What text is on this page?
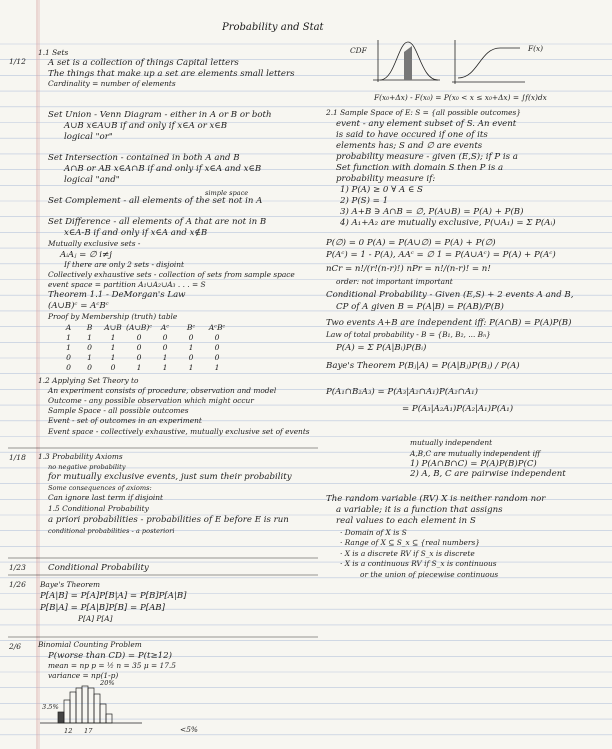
Probability and Stat
1/12
1/18
1/23
1/26
2/6
1.1 Sets
A set is a collection of things Capital letters
The things that make up a set are elements small letters
Cardinality = number of elements
Set Union - Venn Diagram - either in A or B or both
A∪B x∈A∪B if and only if x∈A or x∈B
logical "or"
Set Intersection - contained in both A and B
A∩B or AB x∈A∩B if and only if x∈A and x∈B
logical "and"
simple space
Set Complement - all elements of the set not in A
Set Difference - all elements of A that are not in B
x∈A-B if and only if x∈A and x∉B
Mutually exclusive sets -
AᵢAⱼ = ∅ i≠j
If there are only 2 sets - disjoint
Collectively exhaustive sets - collection of sets from sample space
event space = partition A₁∪A₂∪A₃ . . . = S
Theorem 1.1 - DeMorgan's Law
(A∪B)ᶜ = AᶜBᶜ
Proof by Membership (truth) table
1.2 Applying Set Theory to
An experiment consists of procedure, observation and model
Outcome - any possible observation which might occur
Sample Space - all possible outcomes
Event - set of outcomes in an experiment
Event space - collectively exhaustive, mutually exclusive set of events
1.3 Probability Axioms
no negative probability
for mutually exclusive events, just sum their probability
Some consequences of axioms:
Can ignore last term if disjoint
1.5 Conditional Probability
a priori probabilities - probabilities of E before E is run
conditional probabilities - a posteriori
Conditional Probability
Baye's Theorem
P[A|B] = P[A]P[B|A] = P[B]P[A|B]
P[B|A] = P[A|B]P[B] = P[AB]
P[A] P[A]
Binomial Counting Problem
P(worse than CD) = P(t≥12)
mean = np p = ½ n = 35 μ = 17.5
variance = np(1-p)
F(x₀+Δx) - F(x₀) = P(x₀ < x ≤ x₀+Δx) = ∫f(x)dx
2.1 Sample Space of E: S = {all possible outcomes}
event - any element subset of S. An event
is said to have occured if one of its
elements has; S and ∅ are events
probability measure - given (E,S); if P is a
Set function with domain S then P is a
probability measure if:
1) P(A) ≥ 0 ∀ A ∈ S
2) P(S) = 1
3) A+B ∋ A∩B = ∅, P(A∪B) = P(A) + P(B)
4) A₁+A₂ are mutually exclusive, P(∪A₁) = Σ P(Aᵢ)
P(∅) = 0 P(A) = P(A∪∅) = P(A) + P(∅)
P(Aᶜ) = 1 - P(A), AAᶜ = ∅ 1 = P(A∪Aᶜ) = P(A) + P(Aᶜ)
nCr = n!/(r!(n-r)!) nPr = n!/(n-r)! = n!
order: not important important
Conditional Probability - Given (E,S) + 2 events A and B,
CP of A given B = P(A|B) = P(AB)/P(B)
Two events A+B are independent iff: P(A∩B) = P(A)P(B)
Law of total probability - B = {B₁, B₂, ... Bₙ}
P(A) = Σ P(A|Bᵢ)P(Bᵢ)
Baye's Theorem P(Bⱼ|A) = P(A|Bⱼ)P(Bⱼ) / P(A)
P(A₁∩B₂A₃) = P(A₃|A₂∩A₁)P(A₂∩A₁)
= P(A₃|A₂A₁)P(A₂|A₁)P(A₁)
mutually independent
A,B,C are mutually independent iff
1) P(A∩B∩C) = P(A)P(B)P(C)
2) A, B, C are pairwise independent
The random variable (RV) X is neither random nor
a variable; it is a function that assigns
real values to each element in S
· Domain of X is S
· Range of X ⊆ S_x ⊆ {real numbers}
· X is a discrete RV if S_x is discrete
· X is a continuous RV if S_x is continuous
or the union of piecewise continuous
A	B	A∪B (A∪B)ᶜ	Aᶜ	Bᶜ	AᶜBᶜ
1	1	1	0	0	0	0
1	0	1	0	0	1	0
0	1	1	0	1	0	0
0	0	0	1	1	1	1
CDF	F(x)
20%
3.5%
12 17	<5%
